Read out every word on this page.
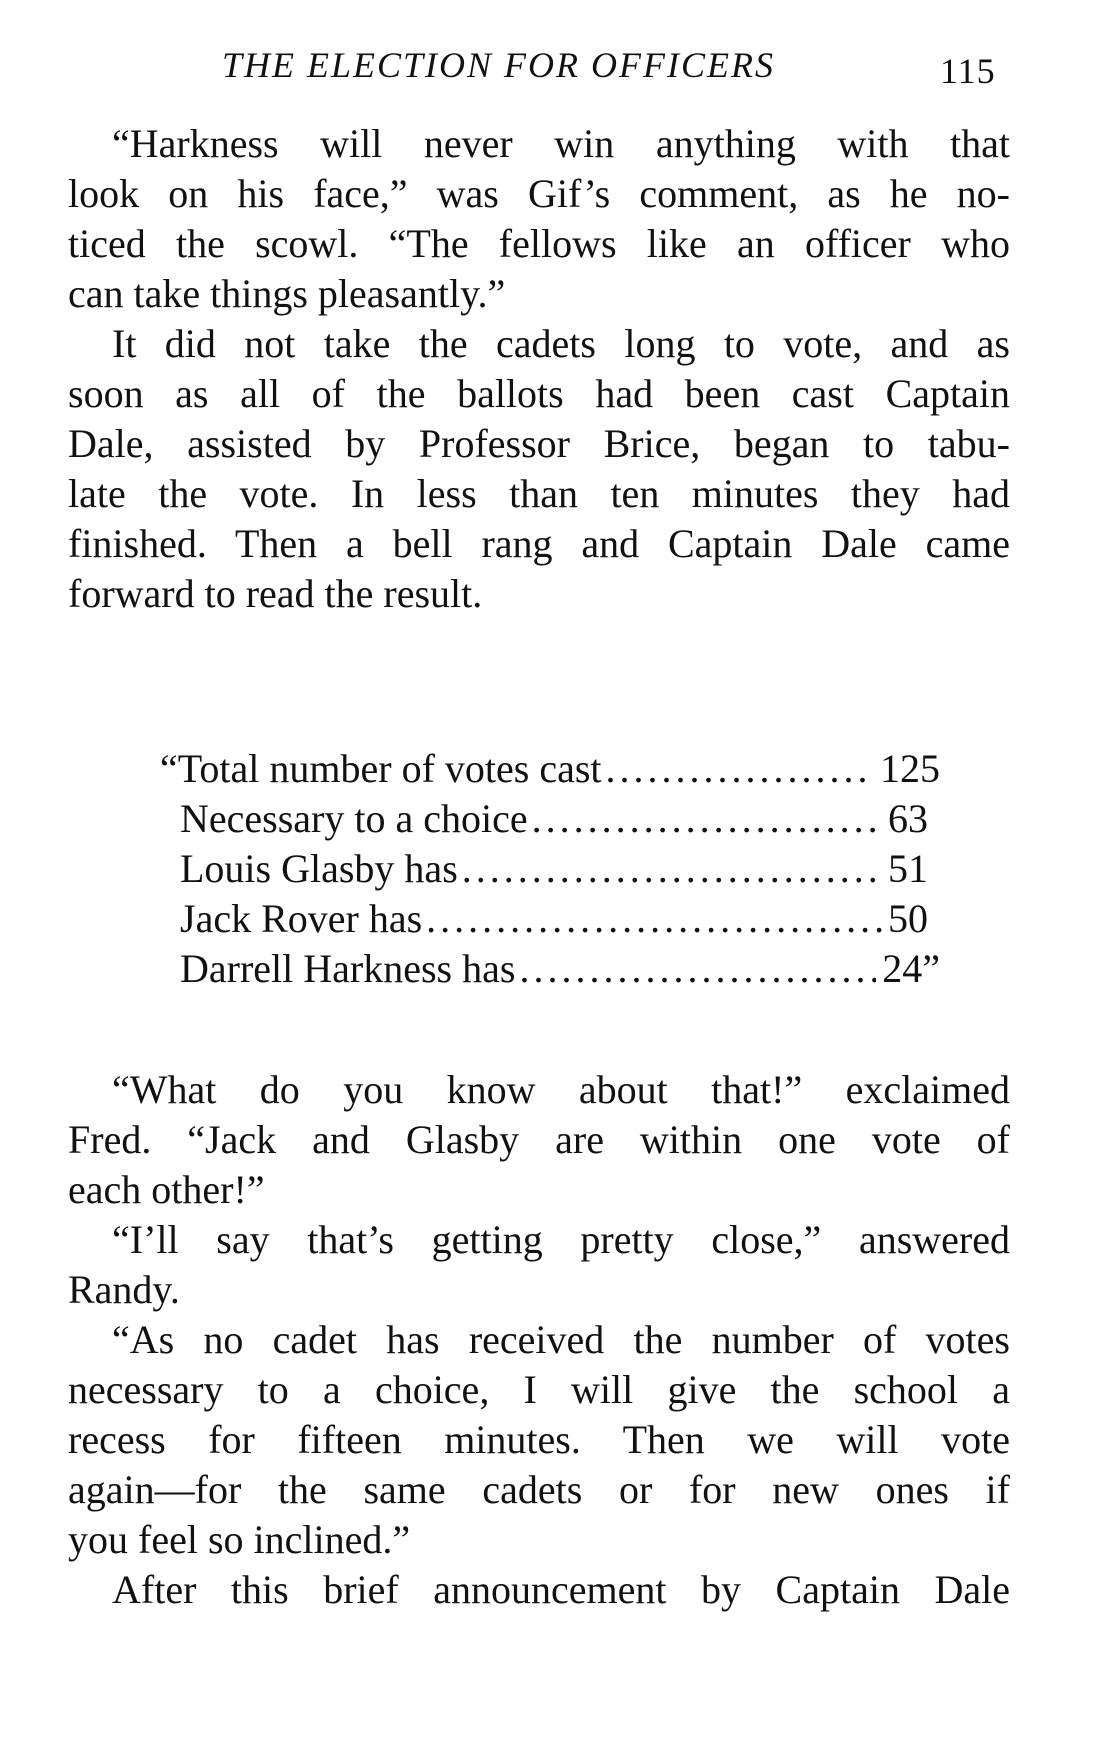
THE ELECTION FOR OFFICERS	115
“Harkness will never win anything with that
look on his face,” was Gif’s comment, as he no-
ticed the scowl. “The fellows like an officer who
can take things pleasantly.”
It did not take the cadets long to vote, and as
soon as all of the ballots had been cast Captain
Dale, assisted by Professor Brice, began to tabu-
late the vote. In less than ten minutes they had
finished. Then a bell rang and Captain Dale came
forward to read the result.
“Total number of votes cast .....	125
Necessary to a choice .....	63
Louis Glasby has .....	51
Jack Rover has .....	50
Darrell Harkness has .....	24”
“What do you know about that!” exclaimed
Fred. “Jack and Glasby are within one vote of
each other!”
“I’ll say that’s getting pretty close,” answered
Randy.
“As no cadet has received the number of votes
necessary to a choice, I will give the school a
recess for fifteen minutes. Then we will vote
again—for the same cadets or for new ones if
you feel so inclined.”
After this brief announcement by Captain Dale
